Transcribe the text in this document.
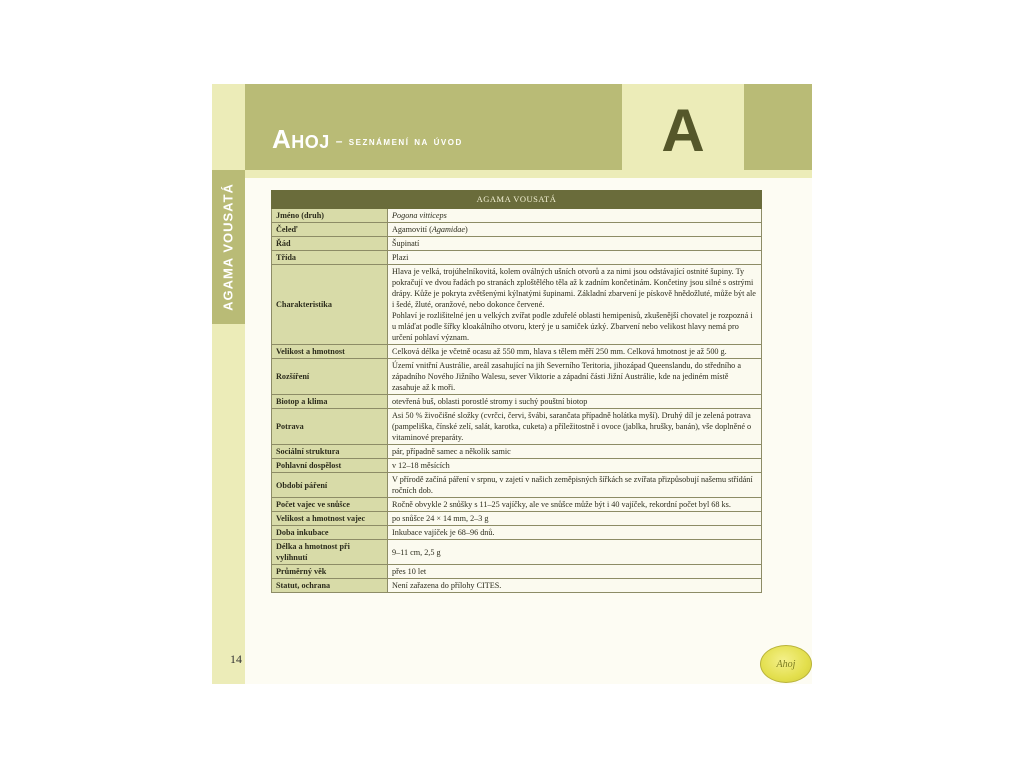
AGAMA VOUSATÁ
Ahoj $^{- seznámení na úvod}$	A
AGAMA VOUSATÁ	
Jméno (druh)	Pogona vitticeps
Čeleď	Agamovití (Agamidae)
Řád	Šupinatí
Třída	Plazi
Charakteristika	Hlava je velká, trojúhelníkovitá, kolem oválných ušních otvorů a za nimi jsou odstávající ostnité šupiny. Ty pokračují ve dvou řadách po stranách zploštělého těla až k zadním končetinám. Končetiny jsou silné s ostrými drápy. Kůže je pokryta zvětšenými kýlnatými šupinami. Základní zbarvení je pískově hnědožluté, může být ale i šedé, žluté, oranžové, nebo dokonce červené.
Pohlaví je rozlišitelné jen u velkých zvířat podle zduřelé oblasti hemipenisů, zkušenější chovatel je rozpozná i u mláďat podle šířky kloakálního otvoru, který je u samiček úzký. Zbarvení nebo velikost hlavy nemá pro určení pohlaví význam.

Velikost a hmotnost	Celková délka je včetně ocasu až 550 mm, hlava s tělem měří 250 mm. Celková hmotnost je až 500 g.
Rozšíření	Území vnitřní Austrálie, areál zasahující na jih Severního Teritoria, jihozápad Queenslandu, do středního a západního Nového Jižního Walesu, sever Viktorie a západní části Jižní Austrálie, kde na jediném místě zasahuje až k moři.
Biotop a klima	otevřená buš, oblasti porostlé stromy i suchý pouštní biotop
Potrava	Asi 50 % živočišné složky (cvrčci, červi, švábi, sarančata případně holátka myší). Druhý díl je zelená potrava (pampeliška, čínské zelí, salát, karotka, cuketa) a příležitostně i ovoce (jablka, hrušky, banán), vše doplněné o vitaminové preparáty.
Sociální struktura	pár, případně samec a několik samic
Pohlavní dospělost	v 12–18 měsících
Období páření	V přírodě začíná páření v srpnu, v zajetí v našich zeměpisných šířkách se zvířata přizpůsobují našemu střídání ročních dob.
Počet vajec ve snůšce	Ročně obvykle 2 snůšky s 11–25 vajíčky, ale ve snůšce může být i 40 vajíček, rekordní počet byl 68 ks.
Velikost a hmotnost vajec	po snůšce 24 × 14 mm, 2–3 g
Doba inkubace	Inkubace vajíček je 68–96 dnů.
Délka a hmotnost při vylíhnutí	9–11 cm, 2,5 g
Průměrný věk	přes 10 let
Statut, ochrana	Není zařazena do přílohy CITES.
14	Ahoj
